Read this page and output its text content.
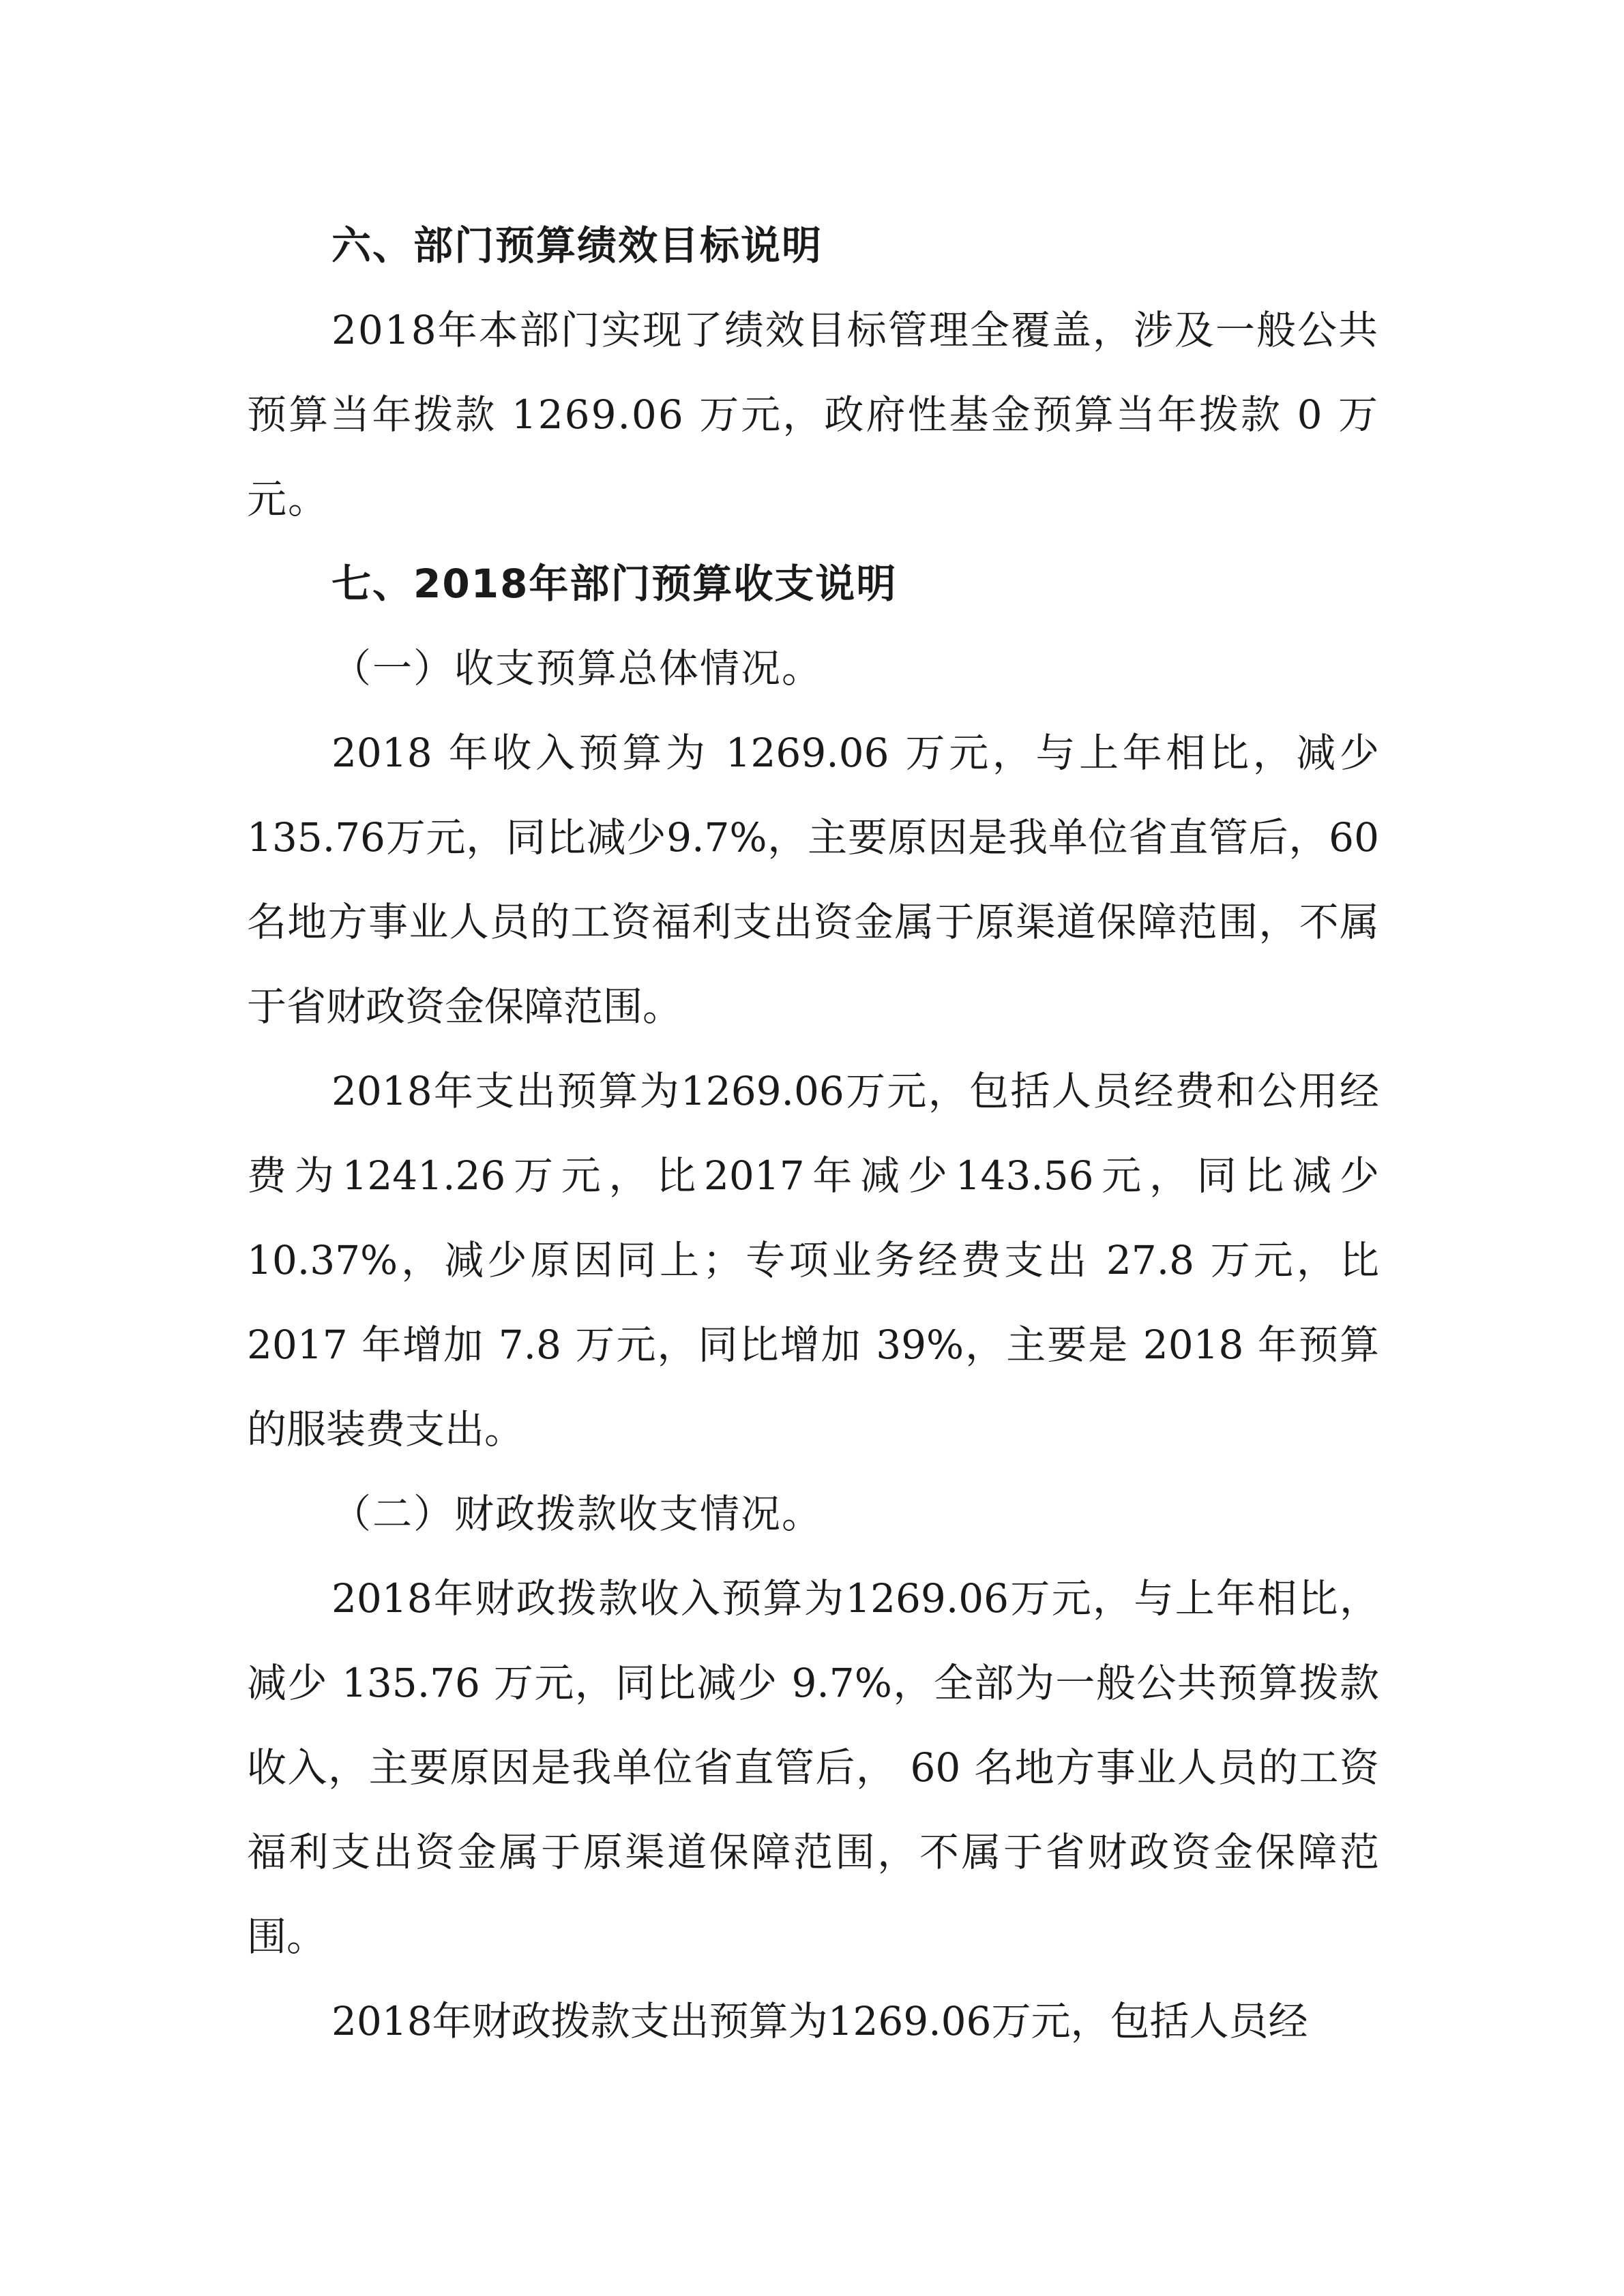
六、部门预算绩效目标说明

2018年本部门实现了绩效目标管理全覆盖，涉及一般公共预算当年拨款 1269.06 万元，政府性基金预算当年拨款 0 万元。

七、2018年部门预算收支说明

（一）收支预算总体情况。

2018 年收入预算为 1269.06 万元，与上年相比，减少135.76万元，同比减少9.7%，主要原因是我单位省直管后，60 名地方事业人员的工资福利支出资金属于原渠道保障范围，不属于省财政资金保障范围。

2018年支出预算为1269.06万元，包括人员经费和公用经费为1241.26万元，比2017年减少143.56元，同比减少10.37%，减少原因同上；专项业务经费支出 27.8 万元，比2017 年增加 7.8 万元，同比增加 39%，主要是 2018 年预算的服装费支出。

（二）财政拨款收支情况。

2018年财政拨款收入预算为1269.06万元，与上年相比，减少 135.76 万元，同比减少 9.7%，全部为一般公共预算拨款收入，主要原因是我单位省直管后， 60 名地方事业人员的工资福利支出资金属于原渠道保障范围，不属于省财政资金保障范围。

2018年财政拨款支出预算为1269.06万元，包括人员经
